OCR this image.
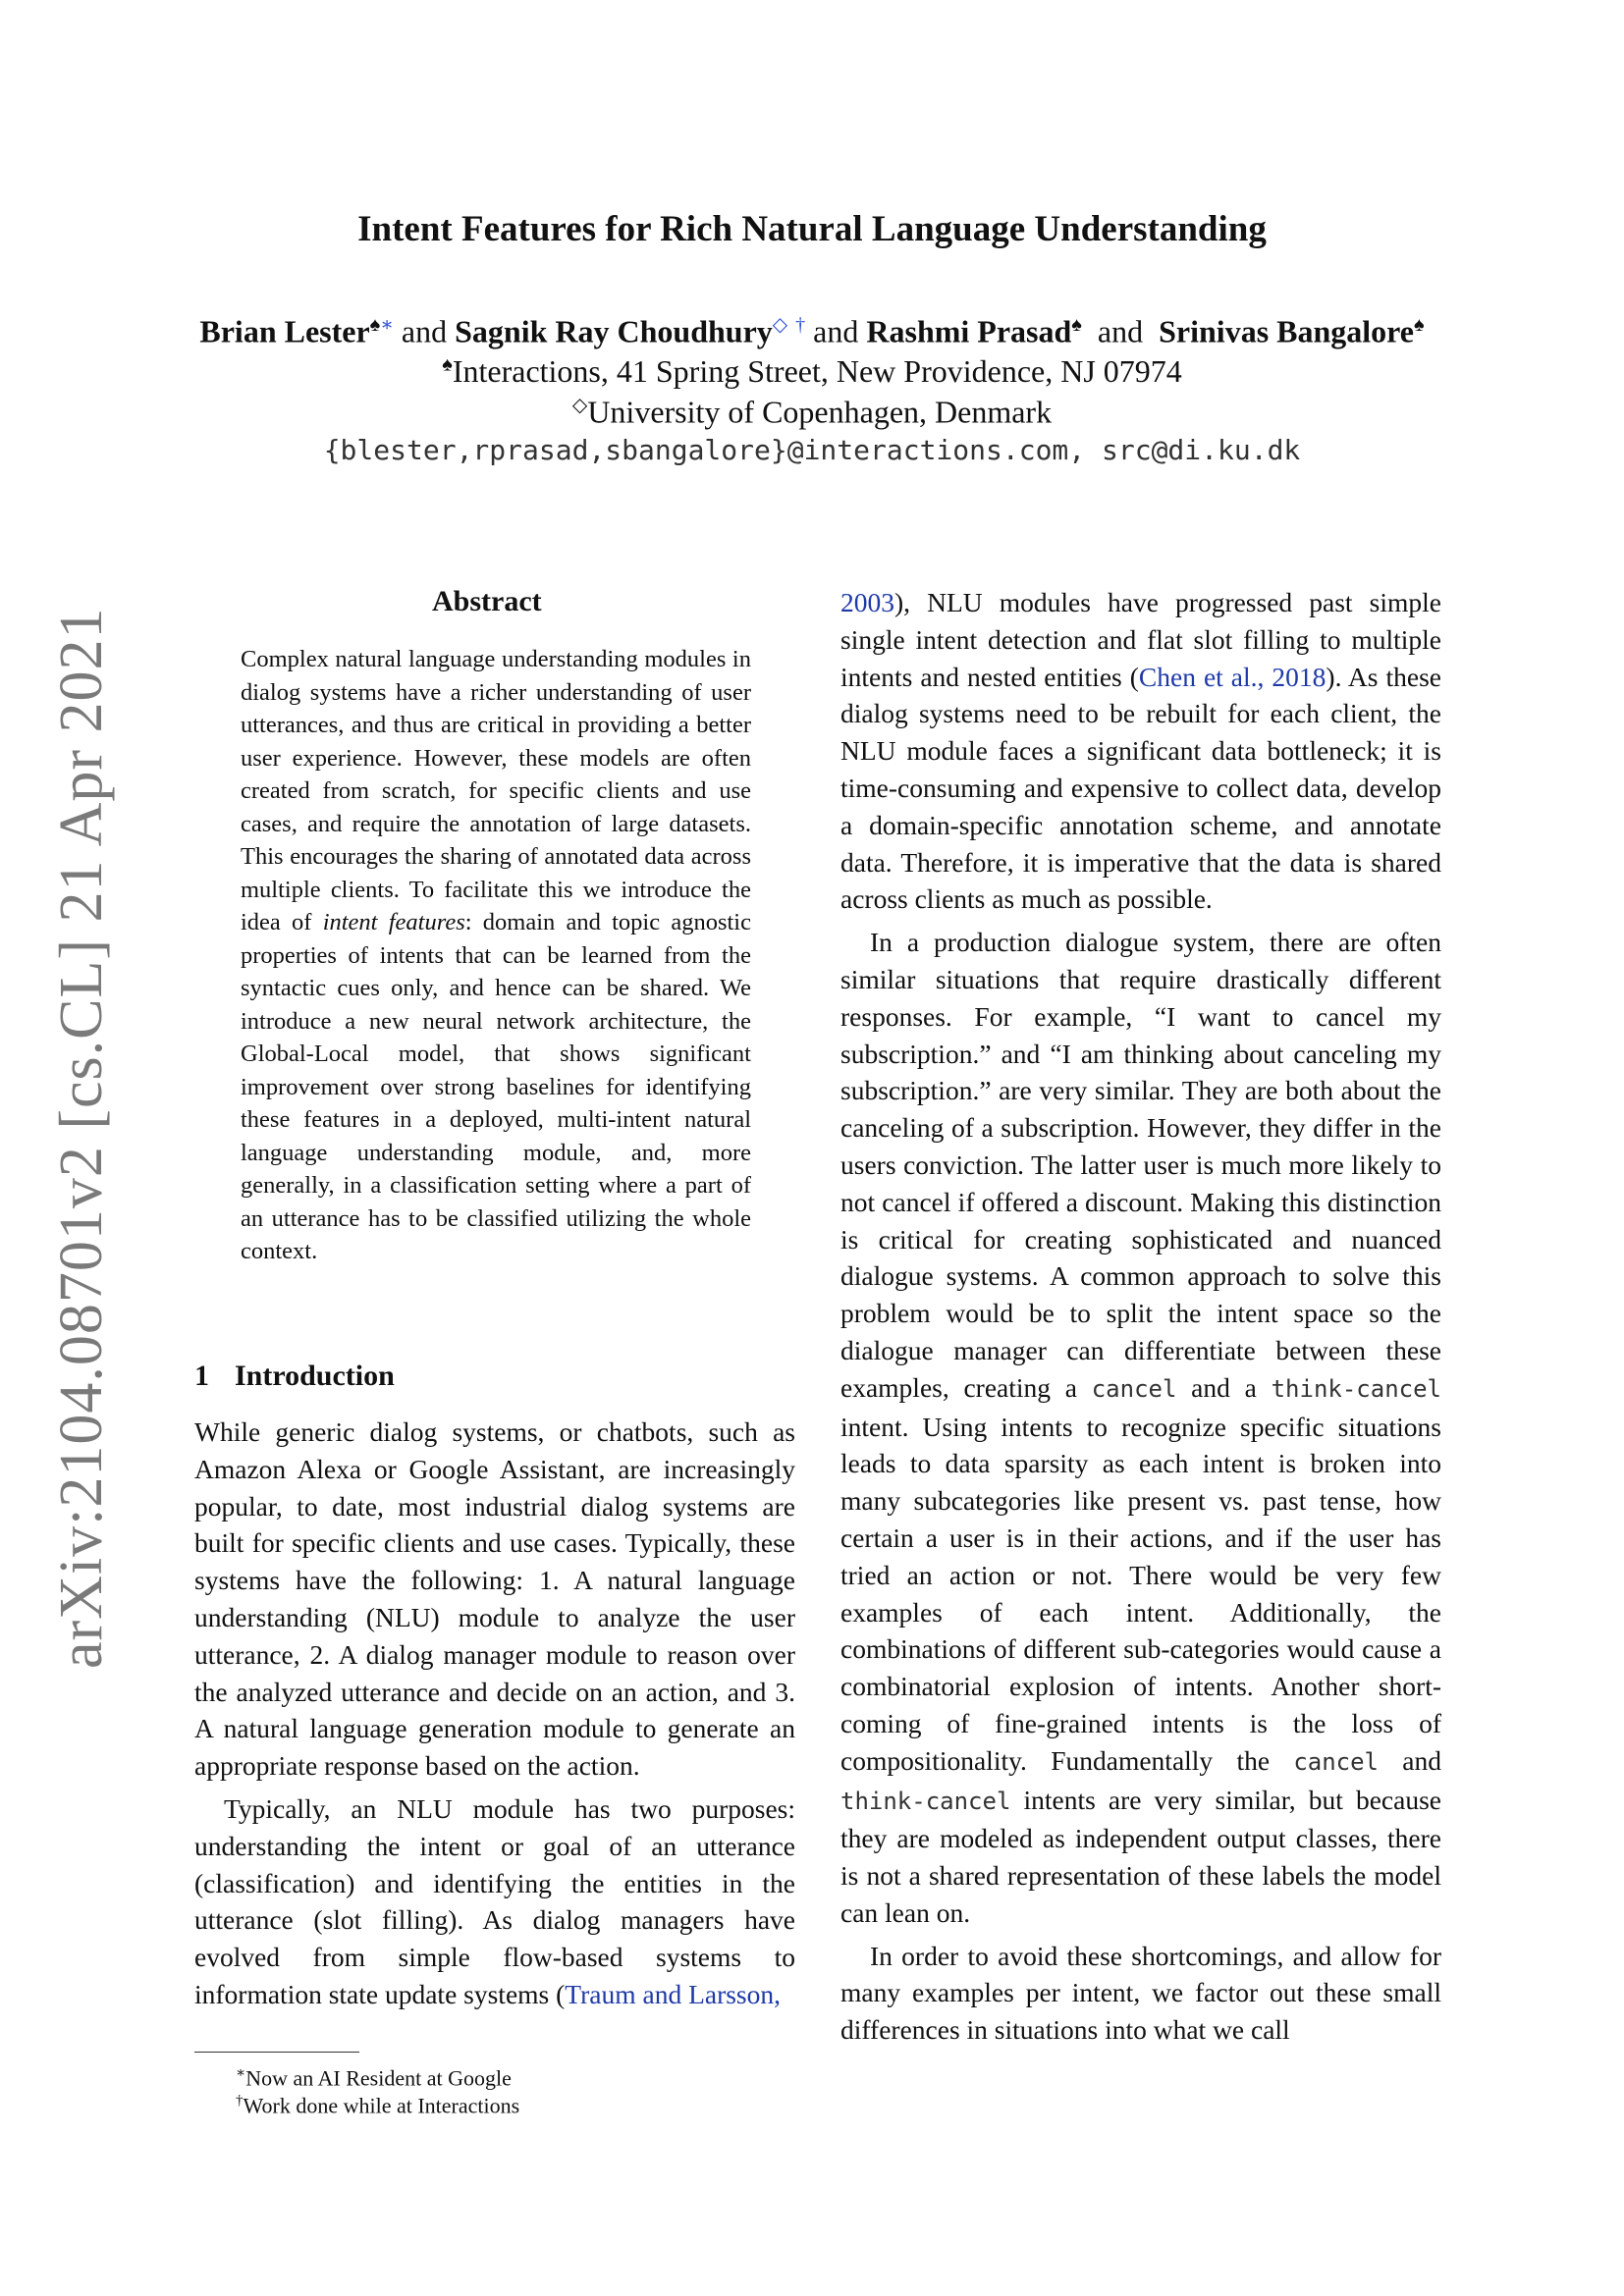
arXiv:2104.08701v2 [cs.CL] 21 Apr 2021
Intent Features for Rich Natural Language Understanding
Brian Lester♠∗ and Sagnik Ray Choudhury◇ † and Rashmi Prasad♠ and Srinivas Bangalore♠
♠Interactions, 41 Spring Street, New Providence, NJ 07974
◇University of Copenhagen, Denmark
{blester,rprasad,sbangalore}@interactions.com, src@di.ku.dk
Abstract
Complex natural language understanding modules in dialog systems have a richer understanding of user utterances, and thus are critical in providing a better user experience. However, these models are often created from scratch, for specific clients and use cases, and require the annotation of large datasets. This encourages the sharing of annotated data across multiple clients. To facilitate this we introduce the idea of intent features: domain and topic agnostic properties of intents that can be learned from the syntactic cues only, and hence can be shared. We introduce a new neural network architecture, the Global-Local model, that shows significant improvement over strong baselines for identifying these features in a deployed, multi-intent natural language understanding module, and, more generally, in a classification setting where a part of an utterance has to be classified utilizing the whole context.
1 Introduction

While generic dialog systems, or chatbots, such as Amazon Alexa or Google Assistant, are increasingly popular, to date, most industrial dialog systems are built for specific clients and use cases. Typically, these systems have the following: 1. A natural language understanding (NLU) module to analyze the user utterance, 2. A dialog manager module to reason over the analyzed utterance and decide on an action, and 3. A natural language generation module to generate an appropriate response based on the action.

Typically, an NLU module has two purposes: understanding the intent or goal of an utterance (classification) and identifying the entities in the utterance (slot filling). As dialog managers have evolved from simple flow-based systems to information state update systems (Traum and Larsson,

∗Now an AI Resident at Google
†Work done while at Interactions

2003), NLU modules have progressed past simple single intent detection and flat slot filling to multiple intents and nested entities (Chen et al., 2018). As these dialog systems need to be rebuilt for each client, the NLU module faces a significant data bottleneck; it is time-consuming and expensive to collect data, develop a domain-specific annotation scheme, and annotate data. Therefore, it is imperative that the data is shared across clients as much as possible.

In a production dialogue system, there are often similar situations that require drastically different responses. For example, “I want to cancel my subscription.” and “I am thinking about canceling my subscription.” are very similar. They are both about the canceling of a subscription. However, they differ in the users conviction. The latter user is much more likely to not cancel if offered a discount. Making this distinction is critical for creating sophisticated and nuanced dialogue systems. A common approach to solve this problem would be to split the intent space so the dialogue manager can differentiate between these examples, creating a cancel and a think-cancel intent. Using intents to recognize specific situations leads to data sparsity as each intent is broken into many subcategories like present vs. past tense, how certain a user is in their actions, and if the user has tried an action or not. There would be very few examples of each intent. Additionally, the combinations of different sub-categories would cause a combinatorial explosion of intents. Another short-coming of fine-grained intents is the loss of compositionality. Fundamentally the cancel and think-cancel intents are very similar, but because they are modeled as independent output classes, there is not a shared representation of these labels the model can lean on.

In order to avoid these shortcomings, and allow for many examples per intent, we factor out these small differences in situations into what we call
